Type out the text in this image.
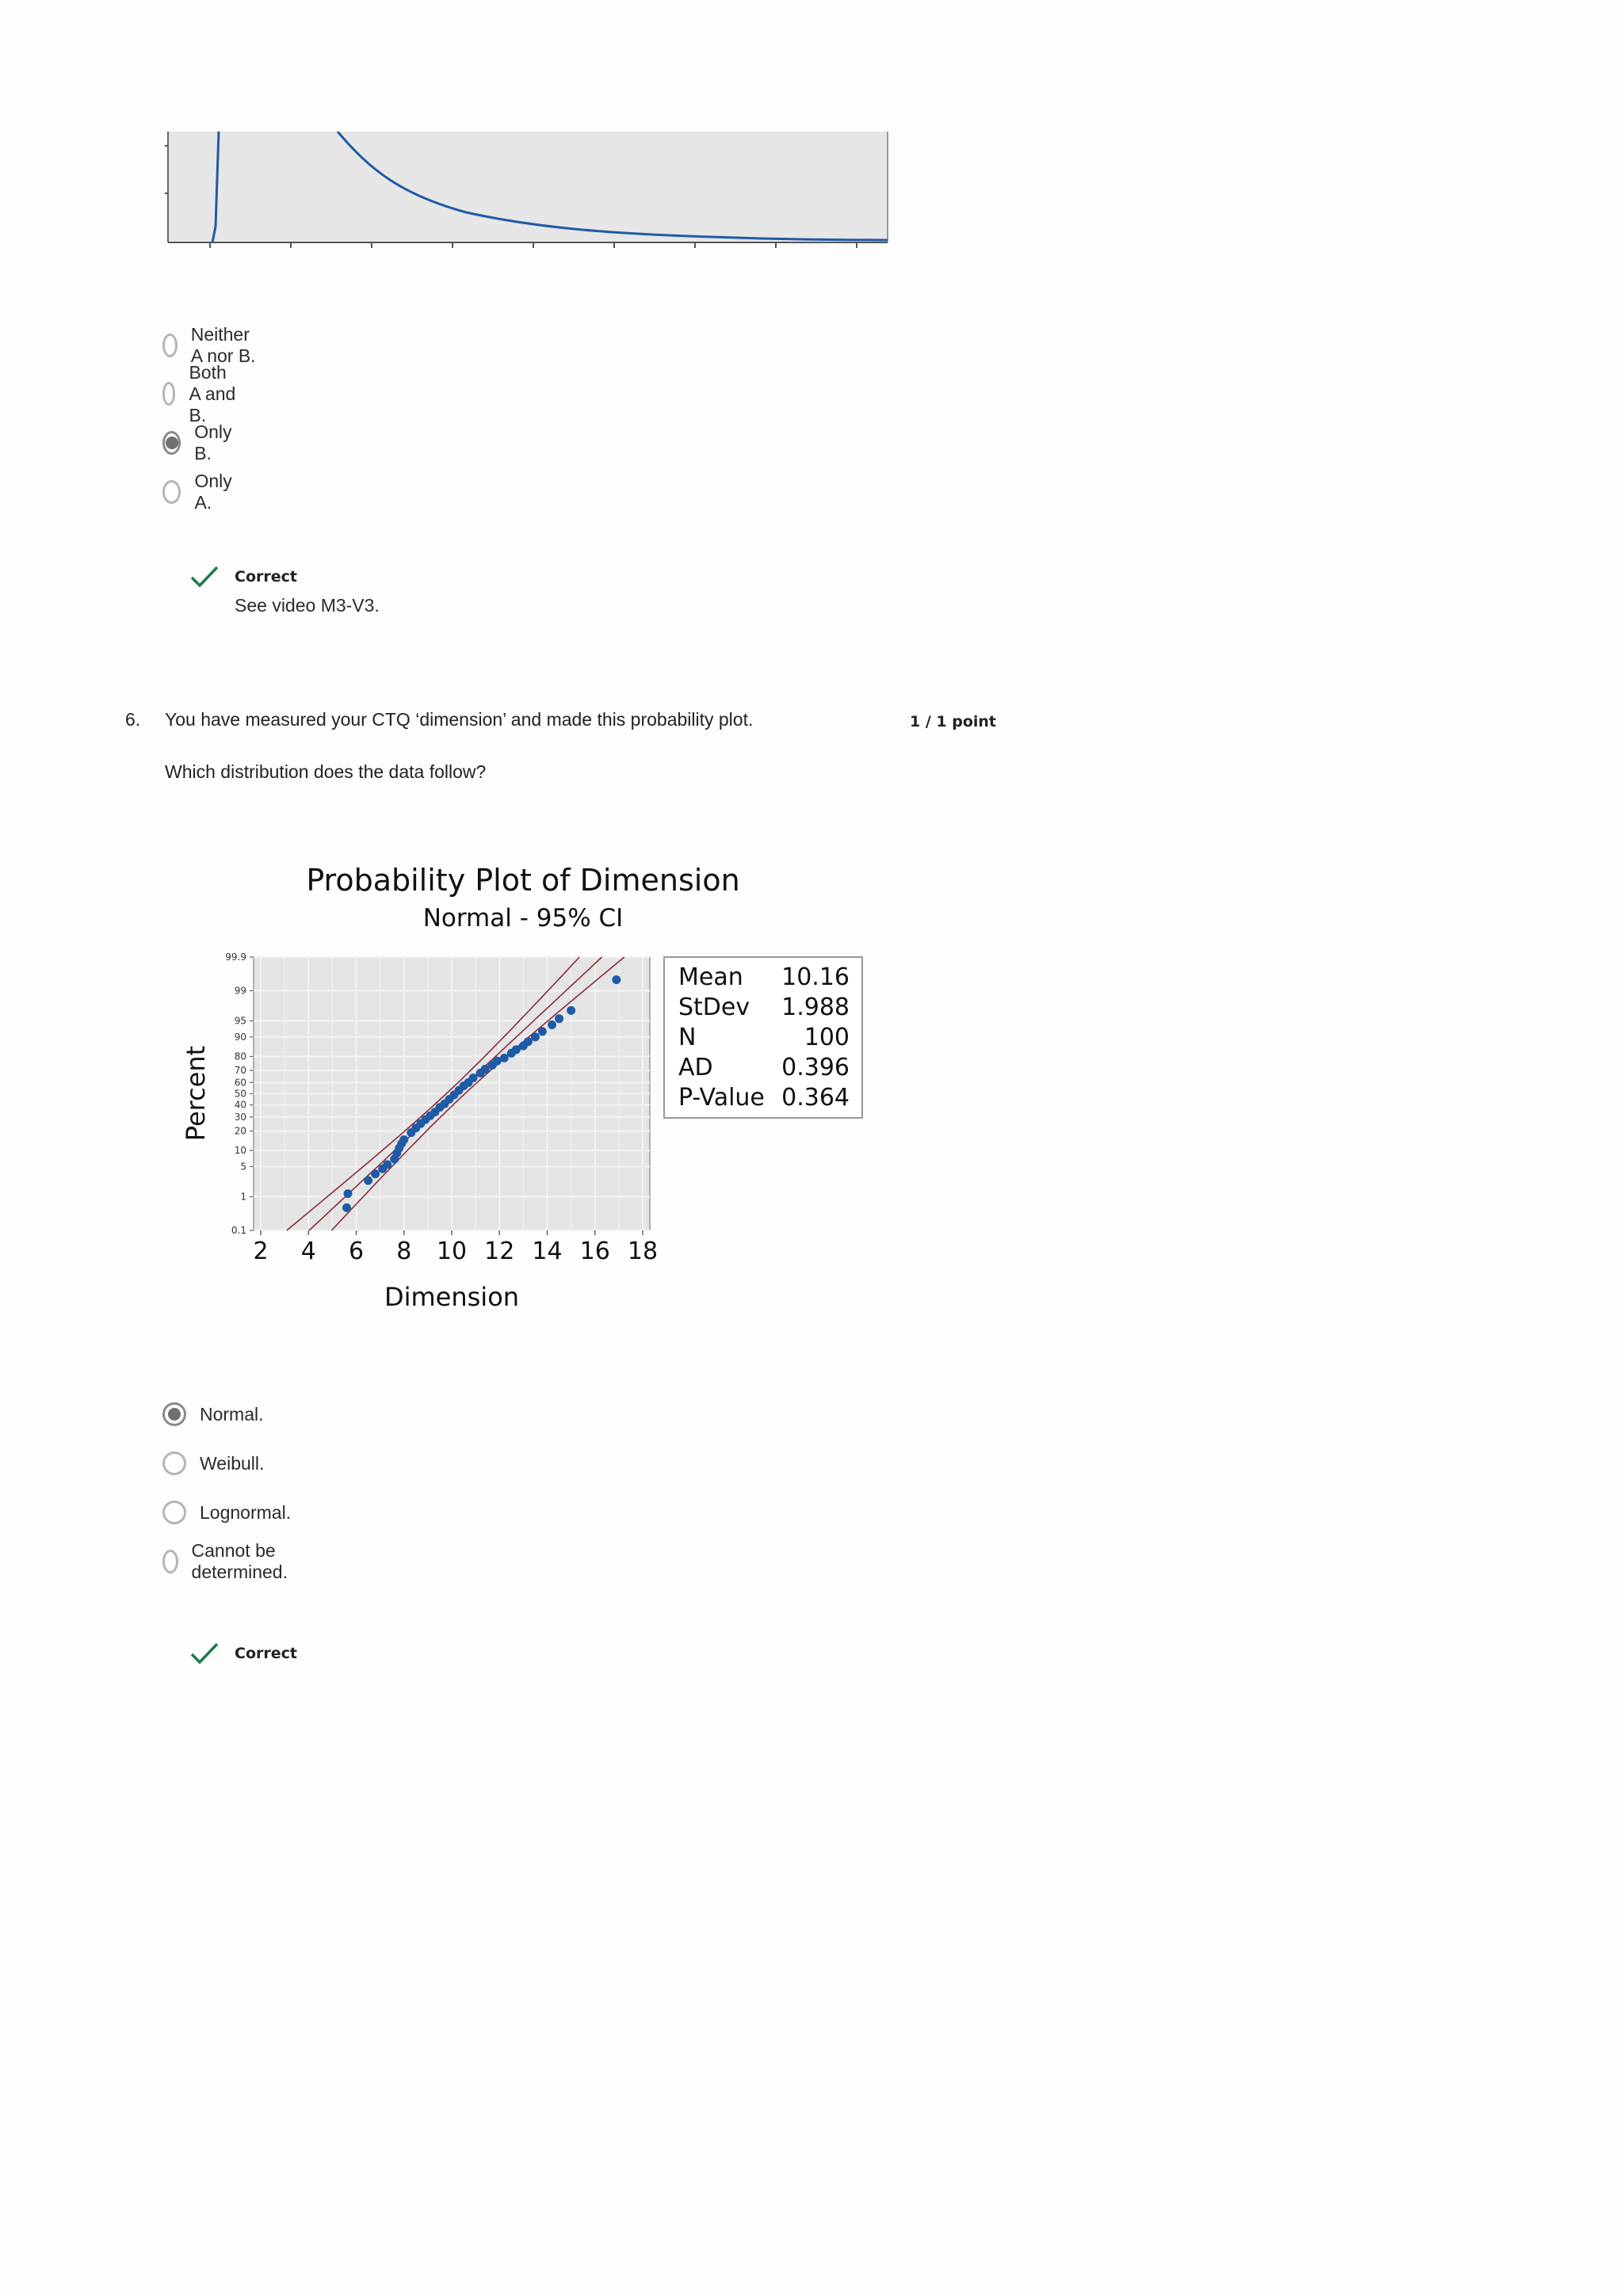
Neither A nor B.
Both A and B.
Only B.
Only A.
Correct
See video M3-V3.
6. You have measured your CTQ ‘dimension’ and made this probability plot.	1 / 1 point
Which distribution does the data follow?
Probability Plot of Dimension
Normal - 95% CI
Percent
Dimension
2 4 6 8 10 12 14 16 18
0.1
1
5
10
20
30
40
50
60
70
80
90
95
99
99.9
Mean 10.16
StDev 1.988
N	100
AD	0.396
P-Value 0.364
Normal.
Weibull.
Lognormal.
Cannot be determined.
Correct
